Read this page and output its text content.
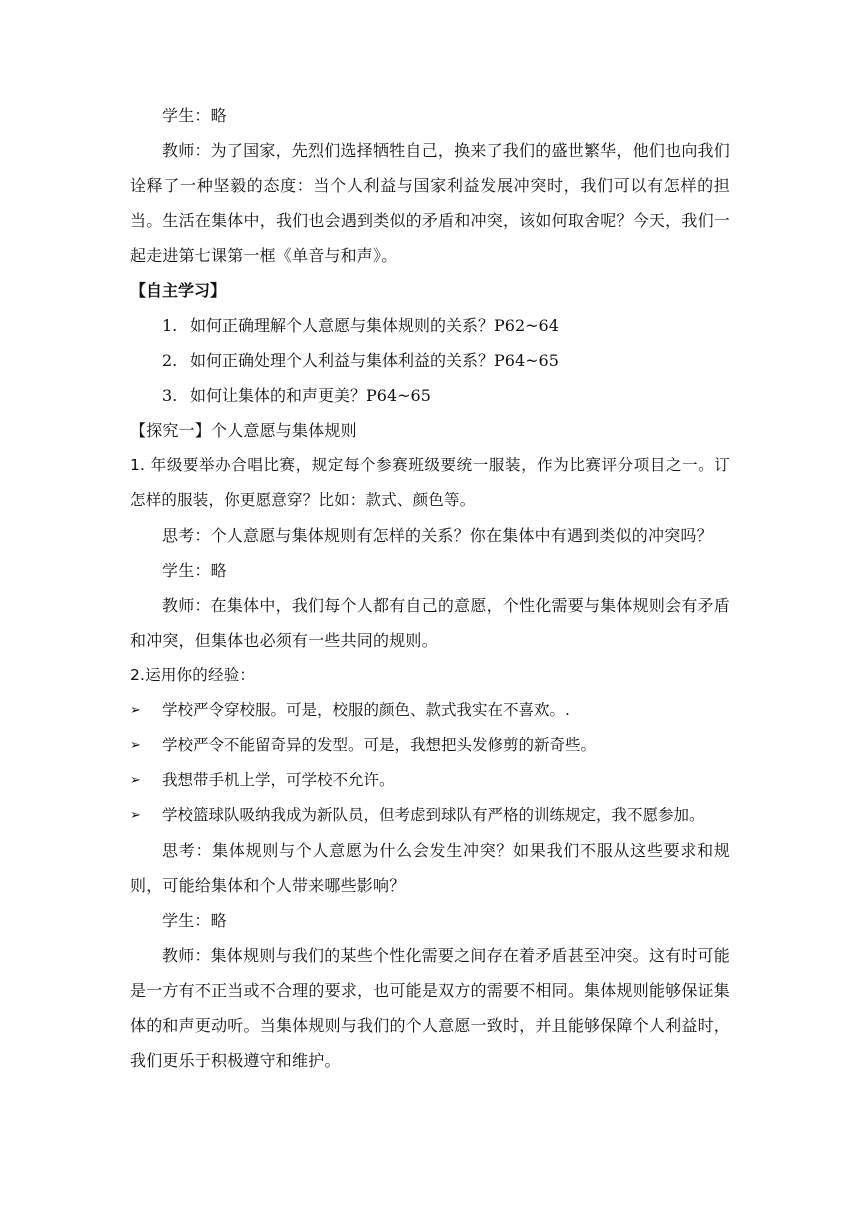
学生：略

教师：为了国家，先烈们选择牺牲自己，换来了我们的盛世繁华，他们也向我们诠释了一种坚毅的态度：当个人利益与国家利益发展冲突时，我们可以有怎样的担当。生活在集体中，我们也会遇到类似的矛盾和冲突，该如何取舍呢？今天，我们一起走进第七课第一框《单音与和声》。

【自主学习】

1. 如何正确理解个人意愿与集体规则的关系？P62~64

2. 如何正确处理个人利益与集体利益的关系？P64~65

3. 如何让集体的和声更美？P64~65

【探究一】个人意愿与集体规则

1. 年级要举办合唱比赛，规定每个参赛班级要统一服装，作为比赛评分项目之一。订怎样的服装，你更愿意穿？比如：款式、颜色等。

思考：个人意愿与集体规则有怎样的关系？你在集体中有遇到类似的冲突吗？

学生：略

教师：在集体中，我们每个人都有自己的意愿，个性化需要与集体规则会有矛盾和冲突，但集体也必须有一些共同的规则。

2.运用你的经验：

➢	学校严令穿校服。可是，校服的颜色、款式我实在不喜欢。.
➢	学校严令不能留奇异的发型。可是，我想把头发修剪的新奇些。
➢	我想带手机上学，可学校不允许。
➢	学校篮球队吸纳我成为新队员，但考虑到球队有严格的训练规定，我不愿参加。

思考：集体规则与个人意愿为什么会发生冲突？如果我们不服从这些要求和规则，可能给集体和个人带来哪些影响？

学生：略

教师：集体规则与我们的某些个性化需要之间存在着矛盾甚至冲突。这有时可能是一方有不正当或不合理的要求，也可能是双方的需要不相同。集体规则能够保证集体的和声更动听。当集体规则与我们的个人意愿一致时，并且能够保障个人利益时，我们更乐于积极遵守和维护。
